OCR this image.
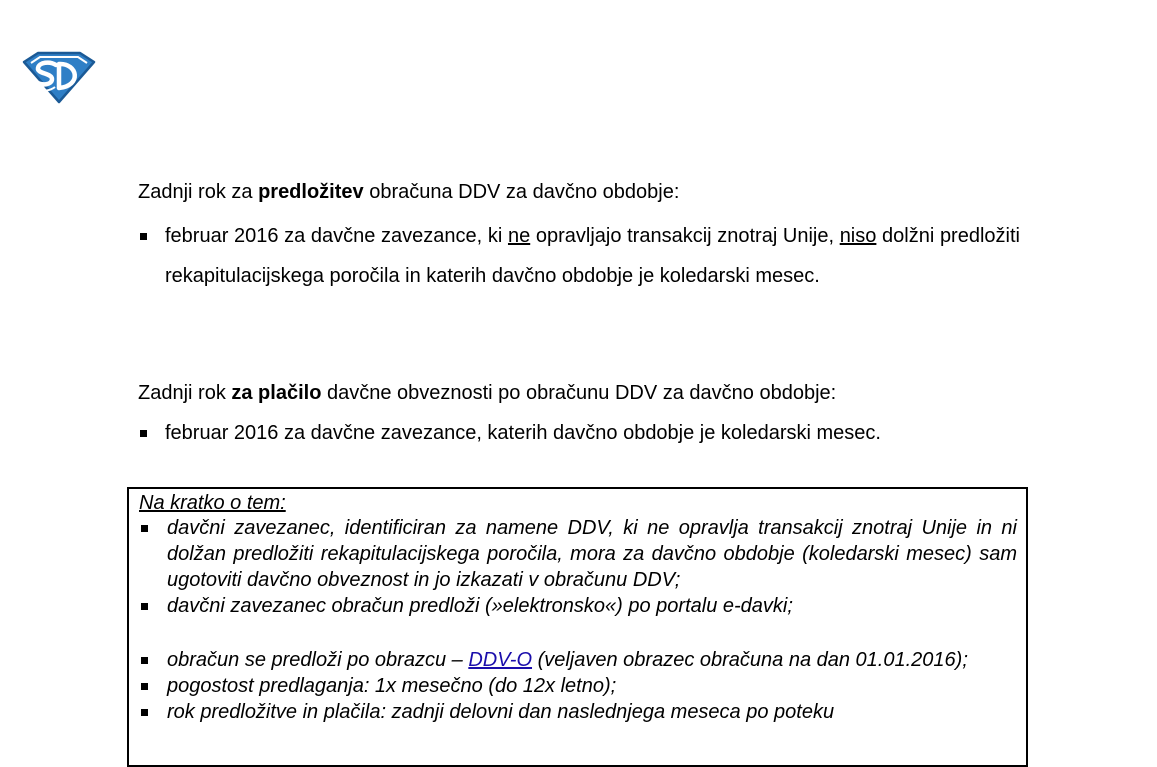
Zadnji rok za predložitev obračuna DDV za davčno obdobje:

februar 2016 za davčne zavezance, ki ne opravljajo transakcij znotraj Unije, niso dolžni predložiti rekapitulacijskega poročila in katerih davčno obdobje je koledarski mesec.

Zadnji rok za plačilo davčne obveznosti po obračunu DDV za davčno obdobje:

februar 2016 za davčne zavezance, katerih davčno obdobje je koledarski mesec.

Na kratko o tem:

davčni zavezanec, identificiran za namene DDV, ki ne opravlja transakcij znotraj Unije in ni dolžan predložiti rekapitulacijskega poročila, mora za davčno obdobje (koledarski mesec) sam ugotoviti davčno obveznost in jo izkazati v obračunu DDV;
davčni zavezanec obračun predloži (»elektronsko«) po portalu e-davki;
obračun se predloži po obrazcu – DDV-O (veljaven obrazec obračuna na dan 01.01.2016);
pogostost predlaganja: 1x mesečno (do 12x letno);
rok predložitve in plačila: zadnji delovni dan naslednjega meseca po poteku
